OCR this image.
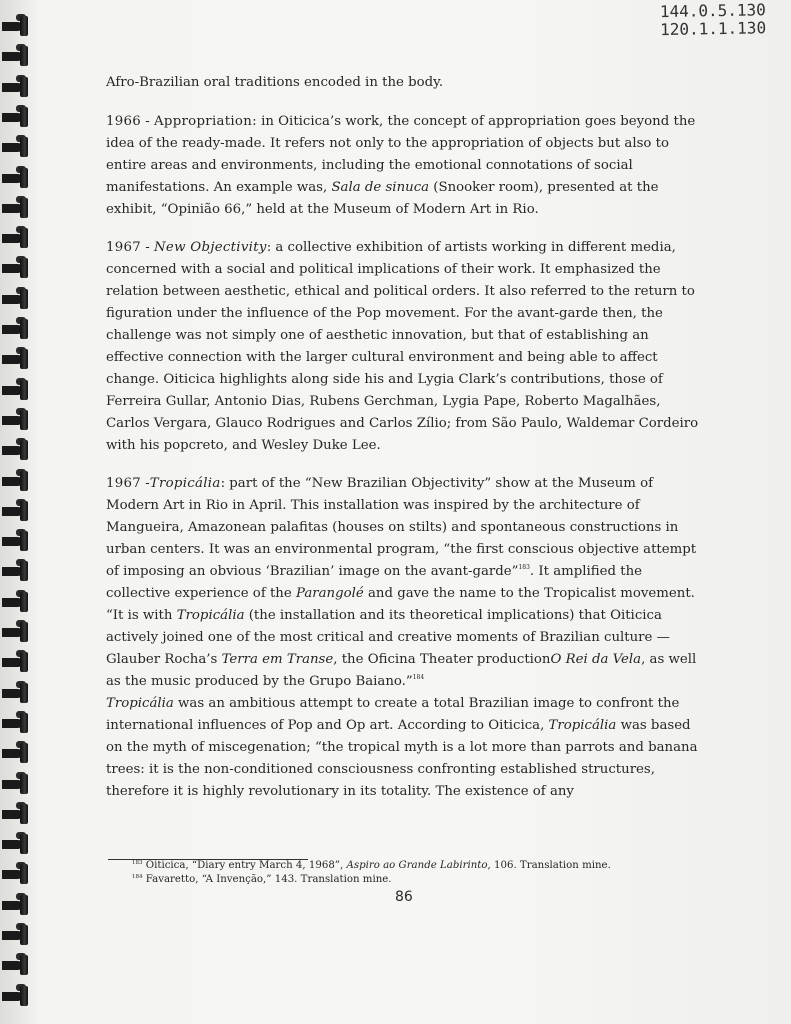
144.0.5.130
120.1.1.130

Afro-Brazilian oral traditions encoded in the body.

1966 - Appropriation: in Oiticica’s work, the concept of appropriation goes beyond the idea of the ready-made. It refers not only to the appropriation of objects but also to entire areas and environments, including the emotional connotations of social manifestations. An example was, Sala de sinuca (Snooker room), presented at the exhibit, “Opinião 66,” held at the Museum of Modern Art in Rio.

1967 - New Objectivity: a collective exhibition of artists working in different media, concerned with a social and political implications of their work. It emphasized the relation between aesthetic, ethical and political orders. It also referred to the return to figuration under the influence of the Pop movement. For the avant-garde then, the challenge was not simply one of aesthetic innovation, but that of establishing an effective connection with the larger cultural environment and being able to affect change. Oiticica highlights along side his and Lygia Clark’s contributions, those of Ferreira Gullar, Antonio Dias, Rubens Gerchman, Lygia Pape, Roberto Magalhães, Carlos Vergara, Glauco Rodrigues and Carlos Zílio; from São Paulo, Waldemar Cordeiro with his popcreto, and Wesley Duke Lee.

1967 -Tropicália: part of the “New Brazilian Objectivity” show at the Museum of Modern Art in Rio in April. This installation was inspired by the architecture of Mangueira, Amazonean palafitas (houses on stilts) and spontaneous constructions in urban centers. It was an environmental program, “the first conscious objective attempt of imposing an obvious ‘Brazilian’ image on the avant-garde”$^{183}$. It amplified the collective experience of the Parangolé and gave the name to the Tropicalist movement. “It is with Tropicália (the installation and its theoretical implications) that Oiticica actively joined one of the most critical and creative moments of Brazilian culture — Glauber Rocha’s Terra em Transe, the Oficina Theater productionO Rei da Vela, as well as the music produced by the Grupo Baiano.”$^{184}$
Tropicália was an ambitious attempt to create a total Brazilian image to confront the international influences of Pop and Op art. According to Oiticica, Tropicália was based on the myth of miscegenation; “the tropical myth is a lot more than parrots and banana trees: it is the non-conditioned consciousness confronting established structures, therefore it is highly revolutionary in its totality. The existence of any

$^{183}$ Oiticica, “Diary entry March 4, 1968”, Aspiro ao Grande Labirinto, 106. Translation mine.
$^{184}$ Favaretto, “A Invenção,” 143. Translation mine.
86
